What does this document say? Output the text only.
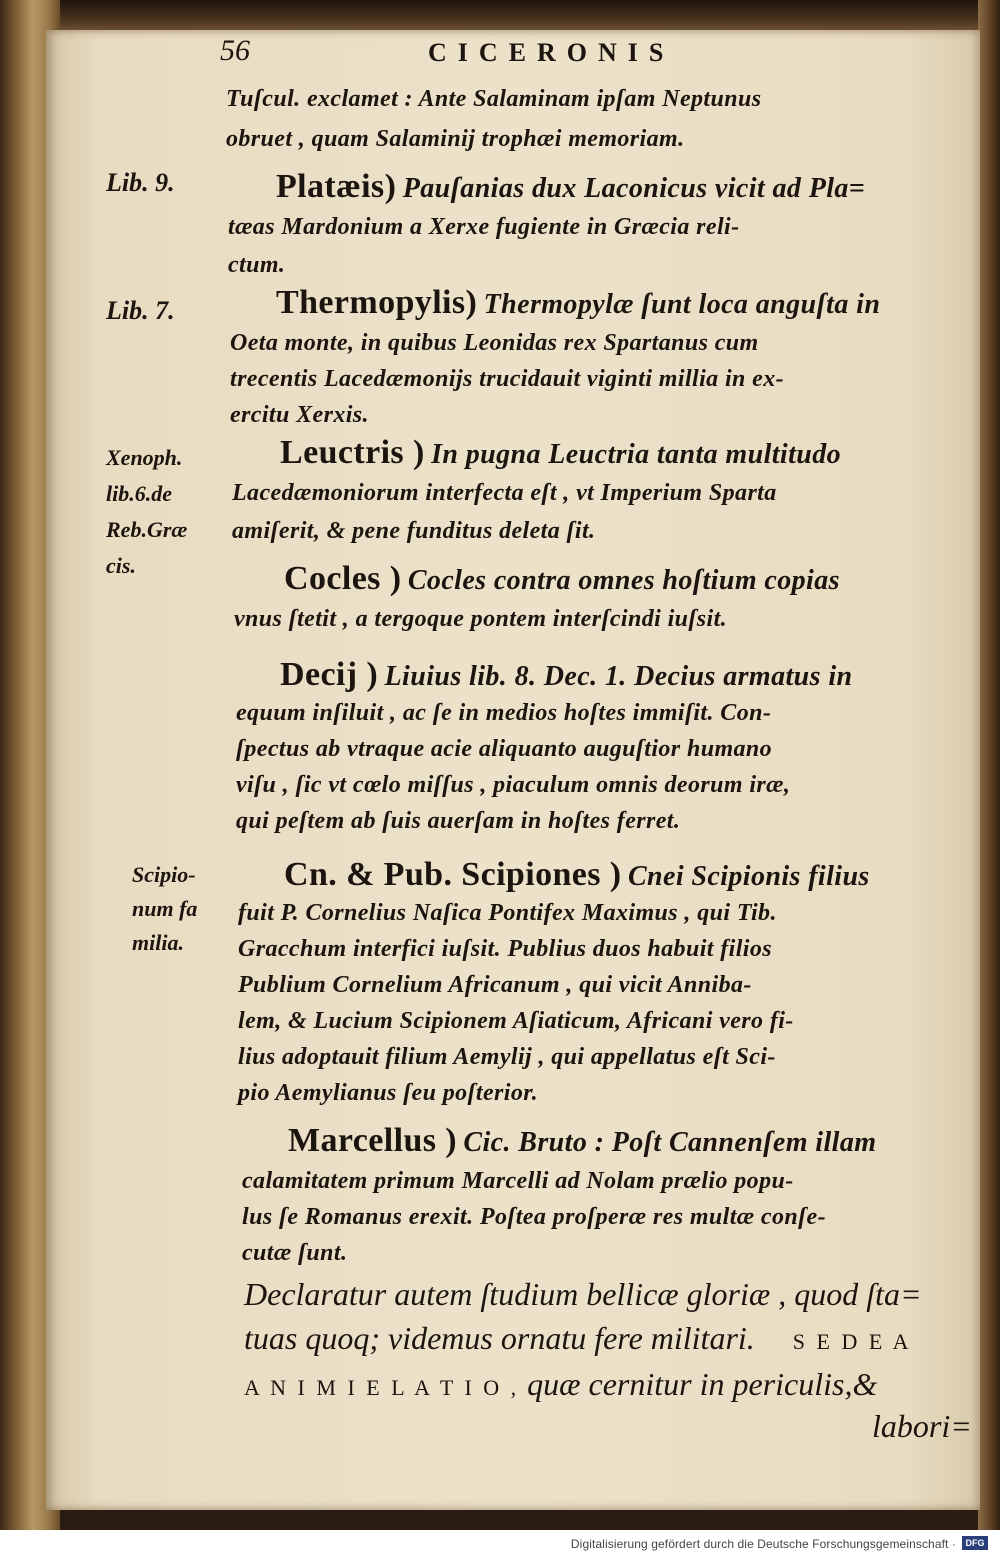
56	CICERONIS
Tuſcul. exclamet : Ante Salaminam ipſam Neptunus
obruet , quam Salaminij trophæi memoriam.
Lib. 9.	Platæis) Pauſanias dux Laconicus vicit ad Pla=
tæas Mardonium a Xerxe fugiente in Græcia reli-
ctum.
Lib. 7.	Thermopylis) Thermopylæ ſunt loca anguſta in
Oeta monte, in quibus Leonidas rex Spartanus cum
trecentis Lacedæmonijs trucidauit viginti millia in ex-
ercitu Xerxis.
Xenoph.
lib.6.de
Reb.Græ
cis.
Leuctris ) In pugna Leuctria tanta multitudo
Lacedæmoniorum interfecta eſt , vt Imperium Sparta
amiſerit, & pene funditus deleta ſit.
Cocles ) Cocles contra omnes hoſtium copias
vnus ſtetit , a tergoque pontem interſcindi iuſsit.
Decij ) Liuius lib. 8. Dec. 1. Decius armatus in
equum inſiluit , ac ſe in medios hoſtes immiſit. Con-
ſpectus ab vtraque acie aliquanto auguſtior humano
viſu , ſic vt cœlo miſſus , piaculum omnis deorum iræ,
qui peſtem ab ſuis auerſam in hoſtes ferret.
Scipio-
num fa
milia.
Cn. & Pub. Scipiones ) Cnei Scipionis filius
fuit P. Cornelius Naſica Pontifex Maximus , qui Tib.
Gracchum interfici iuſsit. Publius duos habuit filios
Publium Cornelium Africanum , qui vicit Anniba-
lem, & Lucium Scipionem Aſiaticum, Africani vero fi-
lius adoptauit filium Aemylij , qui appellatus eſt Sci-
pio Aemylianus ſeu poſterior.
Marcellus ) Cic. Bruto : Poſt Cannenſem illam
calamitatem primum Marcelli ad Nolam prælio popu-
lus ſe Romanus erexit. Poſtea proſperæ res multæ conſe-
cutæ ſunt.
Declaratur autem ſtudium bellicæ gloriæ , quod ſta=
tuas quoq; videmus ornatu fere militari. S E D E A
A N I M I E L A T I O , quæ cernitur in periculis,&
labori=
Digitalisierung gefördert durch die Deutsche Forschungsgemeinschaft ·	DFG
